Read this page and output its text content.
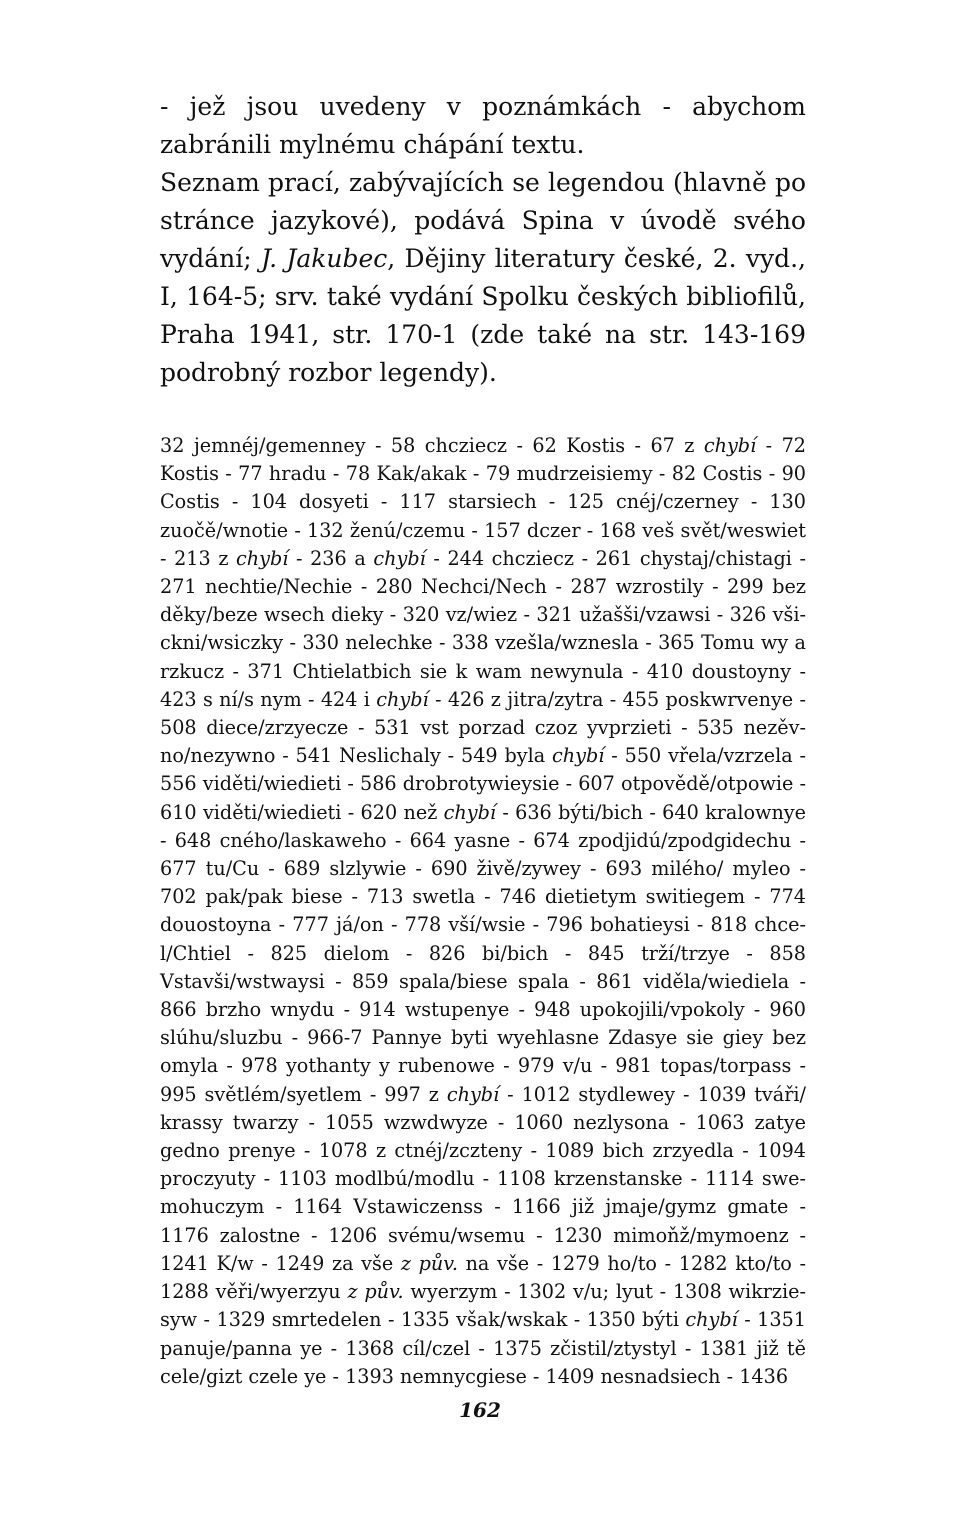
- jež jsou uvedeny v poznámkách - abychom zabránili mylnému chápání textu.

Seznam prací, zabývajících se legendou (hlavně po stránce jazykové), podává Spina v úvodě svého vydání; J. Jakubec, Dějiny literatury české, 2. vyd., I, 164-5; srv. také vydání Spolku českých bibliofilů, Praha 1941, str. 170-1 (zde také na str. 143-169 podrobný rozbor legendy).

32 jemnéj/gemenney - 58 chcziecz - 62 Kostis - 67 z chybí - 72 Kostis - 77 hradu - 78 Kak/akak - 79 mudrzeisiemy - 82 Costis - 90 Costis - 104 dosyeti - 117 starsiech - 125 cnéj/czerney - 130 zuočě/wnotie - 132 ženú/czemu - 157 dczer - 168 veš svět/weswiet - 213 z chybí - 236 a chybí - 244 chcziecz - 261 chystaj/chistagi - 271 nechtie/Nechie - 280 Nechci/Nech - 287 wzrostily - 299 bez děky/beze wsech dieky - 320 vz/wiez - 321 užašši/vzawsi - 326 všickni/wsiczky - 330 nelechke - 338 vzešla/wznesla - 365 Tomu wy a rzkucz - 371 Chtielatbich sie k wam newynula - 410 doustoyny - 423 s ní/s nym - 424 i chybí - 426 z jitra/zytra - 455 poskwrvenye - 508 diece/zrzyecze - 531 vst porzad czoz yvprzieti - 535 nezěvno/nezywno - 541 Neslichaly - 549 byla chybí - 550 vřela/vzrzela - 556 viděti/wiedieti - 586 drobrotywieysie - 607 otpovědě/otpowie - 610 viděti/wiedieti - 620 než chybí - 636 býti/bich - 640 kralownye - 648 cného/laskaweho - 664 yasne - 674 zpodjidú/zpodgidechu - 677 tu/Cu - 689 slzlywie - 690 živě/zywey - 693 milého/ myleo - 702 pak/pak biese - 713 swetla - 746 dietietym switiegem - 774 douostoyna - 777 já/on - 778 vší/wsie - 796 bohatieysi - 818 chce-l/Chtiel - 825 dielom - 826 bi/bich - 845 trží/trzye - 858 Vstavši/wstwaysi - 859 spala/biese spala - 861 viděla/wiediela - 866 brzho wnydu - 914 wstupenye - 948 upokojili/vpokoly - 960 slúhu/sluzbu - 966-7 Pannye byti wyehlasne Zdasye sie giey bez omyla - 978 yothanty y rubenowe - 979 v/u - 981 topas/torpass - 995 světlém/syetlem - 997 z chybí - 1012 stydlewey - 1039 tváři/ krassy twarzy - 1055 wzwdwyze - 1060 nezlysona - 1063 zatye gedno prenye - 1078 z ctnéj/zczteny - 1089 bich zrzyedla - 1094 proczyuty - 1103 modlbú/modlu - 1108 krzenstanske - 1114 swemohuczym - 1164 Vstawiczenss - 1166 již jmaje/gymz gmate - 1176 zalostne - 1206 svému/wsemu - 1230 mimoňž/mymoenz - 1241 K/w - 1249 za vše z pův. na vše - 1279 ho/to - 1282 kto/to - 1288 věři/wyerzyu z pův. wyerzym - 1302 v/u; lyut - 1308 wikrziesyw - 1329 smrtedelen - 1335 však/wskak - 1350 býti chybí - 1351 panuje/panna ye - 1368 cíl/czel - 1375 zčistil/ztystyl - 1381 již tě cele/gizt czele ye - 1393 nemnycgiese - 1409 nesnadsiech - 1436

162
